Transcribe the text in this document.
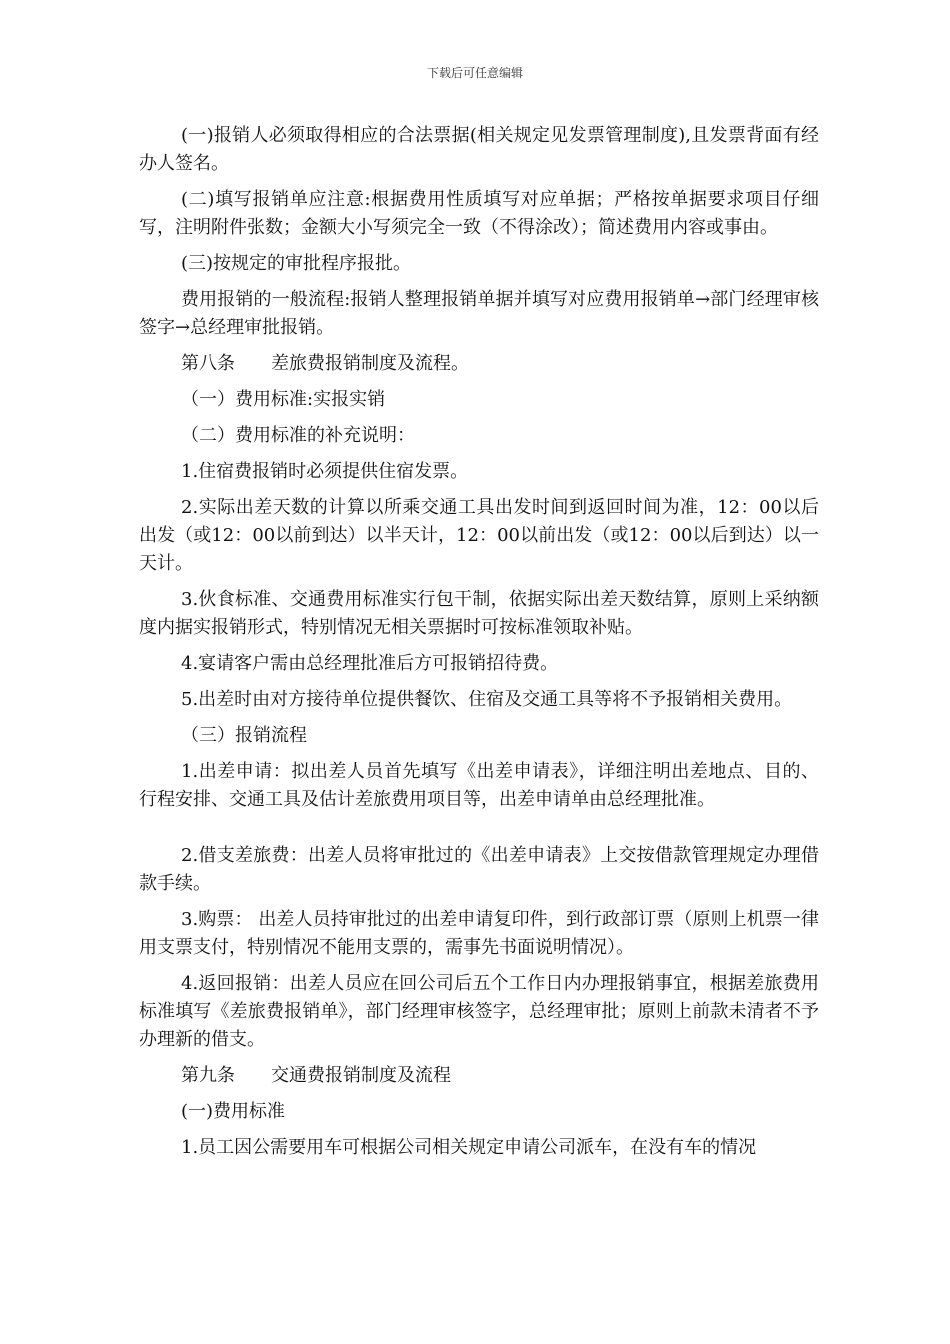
下载后可任意编辑

(一)报销人必须取得相应的合法票据(相关规定见发票管理制度),且发票背面有经办人签名。

(二)填写报销单应注意:根据费用性质填写对应单据；严格按单据要求项目仔细写，注明附件张数；金额大小写须完全一致（不得涂改）；简述费用内容或事由。

(三)按规定的审批程序报批。

费用报销的一般流程:报销人整理报销单据并填写对应费用报销单→部门经理审核签字→总经理审批报销。

第八条　　差旅费报销制度及流程。

（一）费用标准:实报实销

（二）费用标准的补充说明：

1.住宿费报销时必须提供住宿发票。

2.实际出差天数的计算以所乘交通工具出发时间到返回时间为准，12：00以后出发（或12：00以前到达）以半天计，12：00以前出发（或12：00以后到达）以一天计。

3.伙食标准、交通费用标准实行包干制，依据实际出差天数结算，原则上采纳额度内据实报销形式，特别情况无相关票据时可按标准领取补贴。

4.宴请客户需由总经理批准后方可报销招待费。

5.出差时由对方接待单位提供餐饮、住宿及交通工具等将不予报销相关费用。

（三）报销流程

1.出差申请：拟出差人员首先填写《出差申请表》，详细注明出差地点、目的、行程安排、交通工具及估计差旅费用项目等，出差申请单由总经理批准。

2.借支差旅费：出差人员将审批过的《出差申请表》上交按借款管理规定办理借款手续。

3.购票： 出差人员持审批过的出差申请复印件，到行政部订票（原则上机票一律用支票支付，特别情况不能用支票的，需事先书面说明情况）。

4.返回报销：出差人员应在回公司后五个工作日内办理报销事宜，根据差旅费用标准填写《差旅费报销单》，部门经理审核签字，总经理审批；原则上前款未清者不予办理新的借支。

第九条　　交通费报销制度及流程

(一)费用标准

1.员工因公需要用车可根据公司相关规定申请公司派车，在没有车的情况
